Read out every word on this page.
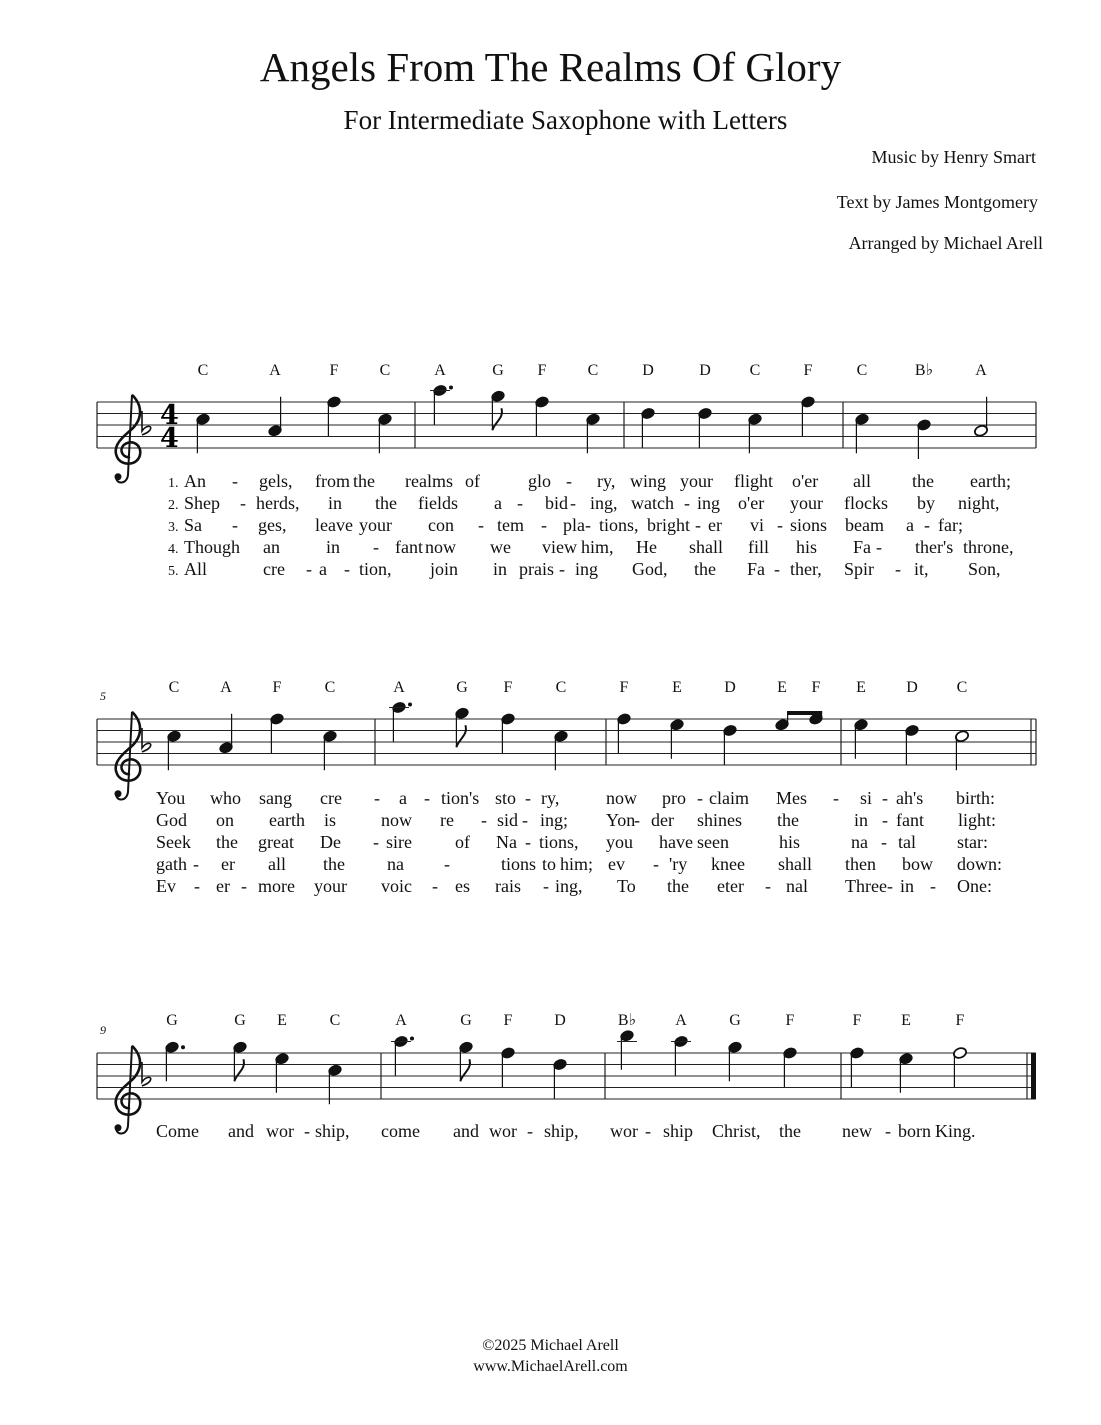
Angels From The Realms Of Glory
For Intermediate Saxophone with Letters
Music by Henry Smart
Text by James Montgomery
Arranged by Michael Arell
4
4
C	A	F	C	A	G F	C	D	D C	F	C	B♭	A
1. An - gels, from the realms of	glo - ry, wing your flight o'er all the earth;
2. Shep - herds, in the fields a - bid - ing, watch - ing o'er your flocks by night,
3. Sa - ges, leave your con - tem - pla - tions, bright - er vi - sions beam a - far;
4. Though an	in - fant now we view him, He shall fill his Fa - ther's throne,
5. All	cre - a - tion, join in prais - ing God, the Fa - ther, Spir - it, Son,
5	C	A	F	C	A	G F	C	F	E	D	E F E	D C
You who sang cre - a - tion's sto - ry,	now pro - claim Mes - si - ah's birth:
God on earth is now re - sid - ing; Yon
- der shines the	in - fant light:
Seek the great De - sire of Na - tions, you have seen	his	na - tal star:
gath - er all the na -	tions to him; ev - 'ry knee shall then bow down:
Ev - er - more your voic - es rais - ing, To the eter - nal Three - in - One:
9
G	G E	C	A	G F	D	B♭ A	G	F	F E	F
Come and wor - ship, come and wor - ship, wor - ship Christ, the new - born King.
©2025 Michael Arell
www.MichaelArell.com
